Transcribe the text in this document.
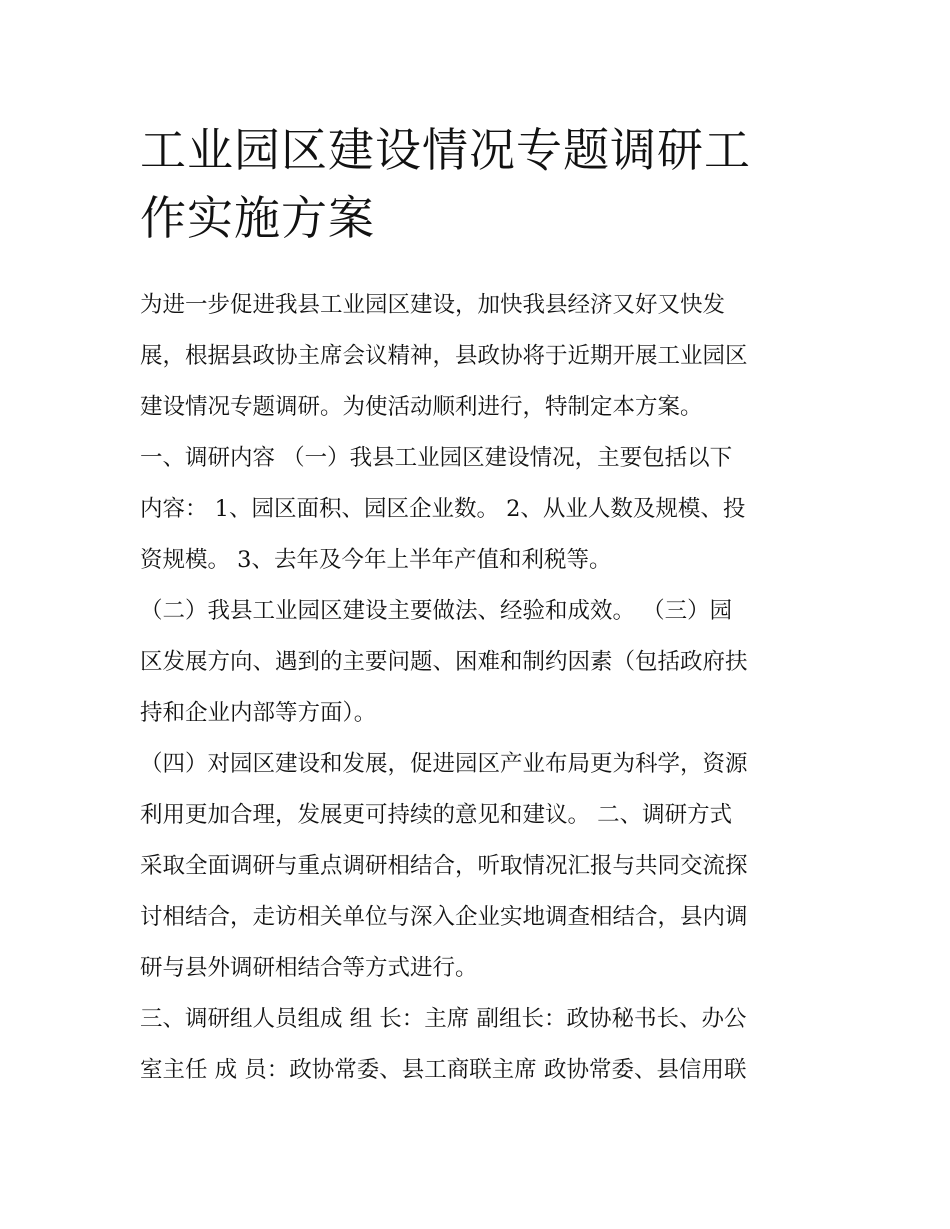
工业园区建设情况专题调研工
作实施方案
为进一步促进我县工业园区建设，加快我县经济又好又快发
展，根据县政协主席会议精神，县政协将于近期开展工业园区
建设情况专题调研。为使活动顺利进行，特制定本方案。
一、调研内容 （一）我县工业园区建设情况，主要包括以下
内容： 1、园区面积、园区企业数。 2、从业人数及规模、投
资规模。 3、去年及今年上半年产值和利税等。
（二）我县工业园区建设主要做法、经验和成效。 （三）园
区发展方向、遇到的主要问题、困难和制约因素（包括政府扶
持和企业内部等方面）。
（四）对园区建设和发展，促进园区产业布局更为科学，资源
利用更加合理，发展更可持续的意见和建议。 二、调研方式
采取全面调研与重点调研相结合，听取情况汇报与共同交流探
讨相结合，走访相关单位与深入企业实地调查相结合，县内调
研与县外调研相结合等方式进行。
三、调研组人员组成 组 长：主席 副组长：政协秘书长、办公
室主任 成 员：政协常委、县工商联主席 政协常委、县信用联
